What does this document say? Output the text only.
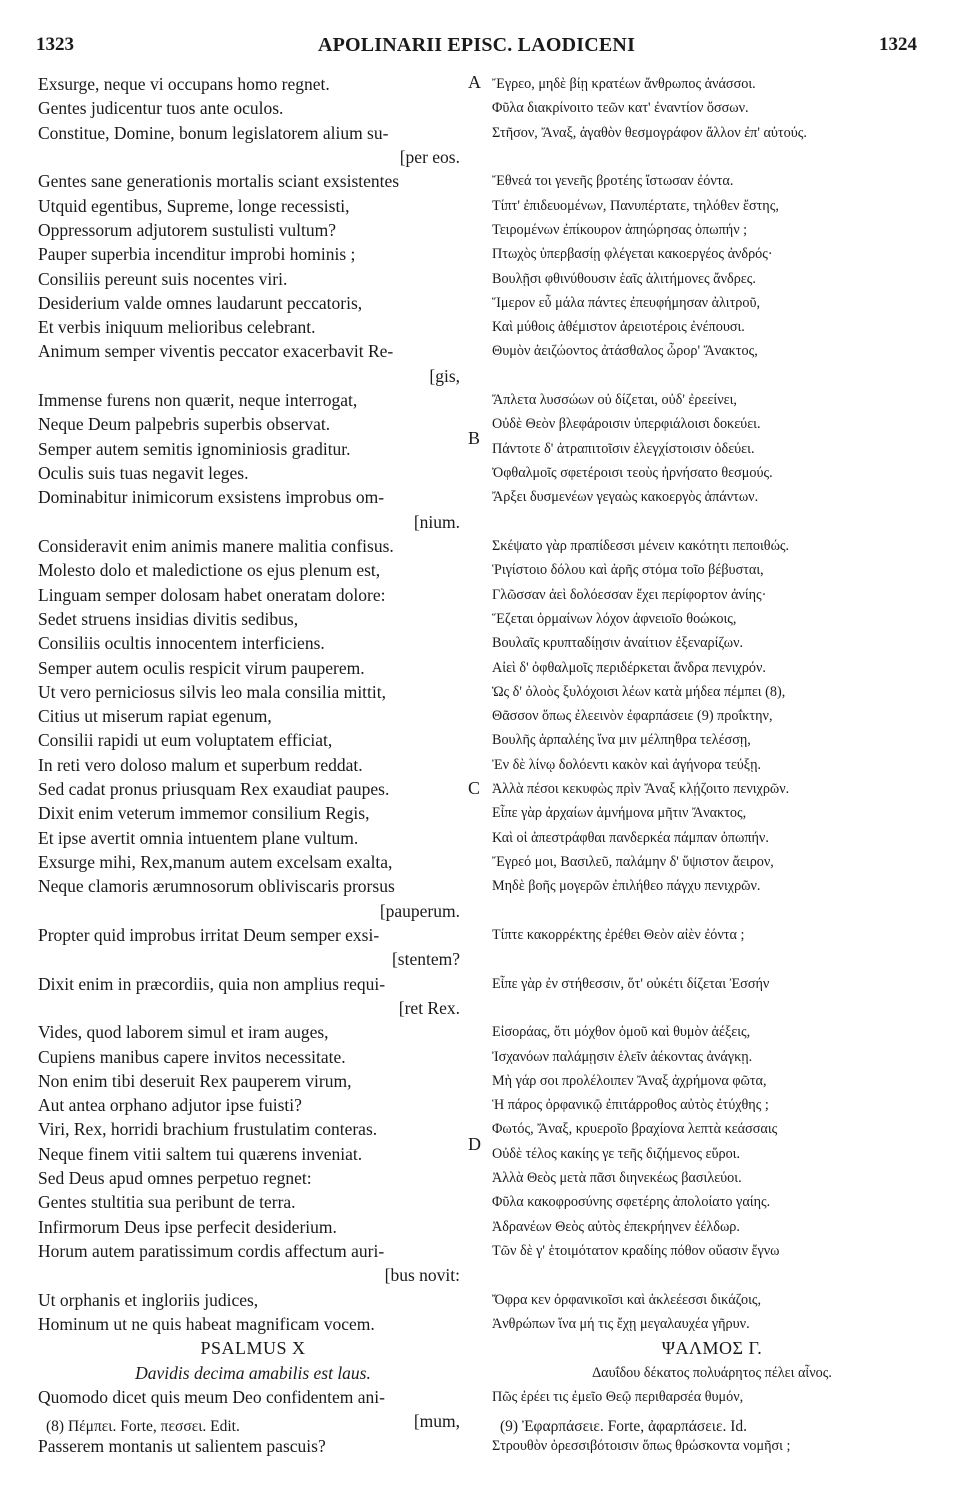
APOLINARII EPISC. LAODICENI
1323	1324
Exsurge, neque vi occupans homo regnet.
Gentes judicentur tuos ante oculos.
Constitue, Domine, bonum legislatorem alium su-
[per eos.
Gentes sane generationis mortalis sciant exsistentes
Utquid egentibus, Supreme, longe recessisti,
Oppressorum adjutorem sustulisti vultum?
Pauper superbia incenditur improbi hominis ;
Consiliis pereunt suis nocentes viri.
Desiderium valde omnes laudarunt peccatoris,
Et verbis iniquum melioribus celebrant.
Animum semper viventis peccator exacerbavit Re-
[gis,
Immense furens non quærit, neque interrogat,
Neque Deum palpebris superbis observat.
Semper autem semitis ignominiosis graditur.
Oculis suis tuas negavit leges.
Dominabitur inimicorum exsistens improbus om-
[nium.
Consideravit enim animis manere malitia confisus.
Molesto dolo et maledictione os ejus plenum est,
Linguam semper dolosam habet oneratam dolore:
Sedet struens insidias divitis sedibus,
Consiliis ocultis innocentem interficiens.
Semper autem oculis respicit virum pauperem.
Ut vero perniciosus silvis leo mala consilia mittit,
Citius ut miserum rapiat egenum,
Consilii rapidi ut eum voluptatem efficiat,
In reti vero doloso malum et superbum reddat.
Sed cadat pronus priusquam Rex exaudiat paupes.
Dixit enim veterum immemor consilium Regis,
Et ipse avertit omnia intuentem plane vultum.
Exsurge mihi, Rex,manum autem excelsam exalta,
Neque clamoris ærumnosorum obliviscaris prorsus
[pauperum.
Propter quid improbus irritat Deum semper exsi-
[stentem?
Dixit enim in præcordiis, quia non amplius requi-
[ret Rex.
Vides, quod laborem simul et iram auges,
Cupiens manibus capere invitos necessitate.
Non enim tibi deseruit Rex pauperem virum,
Aut antea orphano adjutor ipse fuisti?
Viri, Rex, horridi brachium frustulatim conteras.
Neque finem vitii saltem tui quærens inveniat.
Sed Deus apud omnes perpetuo regnet:
Gentes stultitia sua peribunt de terra.
Infirmorum Deus ipse perfecit desiderium.
Horum autem paratissimum cordis affectum auri-
[bus novit:
Ut orphanis et ingloriis judices,
Hominum ut ne quis habeat magnificam vocem.
PSALMUS X
Davidis decima amabilis est laus.
Quomodo dicet quis meum Deo confidentem ani-
[mum,
Passerem montanis ut salientem pascuis?
Ἔγρεο, μηδὲ βίῃ κρατέων ἄνθρωπος ἀνάσσοι.
Φῦλα διακρίνοιτο τεῶν κατ' ἐναντίον ὄσσων.
Στῆσον, Ἄναξ, ἀγαθὸν θεσμογράφον ἄλλον ἐπ' αὐτούς.
Ἔθνεά τοι γενεῆς βροτέης ἴστωσαν ἐόντα.
Τίπτ' ἐπιδευομένων, Πανυπέρτατε, τηλόθεν ἔστης,
Τειρομένων ἐπίκουρον ἀπηώρησας ὀπωπήν ;
Πτωχὸς ὑπερβασίῃ φλέγεται κακοεργέος ἀνδρός·
Βουλῇσι φθινύθουσιν ἑαῖς ἀλιτήμονες ἄνδρες.
Ἵμερον εὖ μάλα πάντες ἐπευφήμησαν ἀλιτροῦ,
Καὶ μύθοις ἀθέμιστον ἀρειοτέροις ἐνέπουσι.
Θυμὸν ἀειζώοντος ἀτάσθαλος ὦρορ' Ἄνακτος,
Ἄπλετα λυσσώων οὐ δίζεται, οὐδ' ἐρεείνει,
Οὐδὲ Θεὸν βλεφάροισιν ὑπερφιάλοισι δοκεύει.
Πάντοτε δ' ἀτραπιτοῖσιν ἐλεγχίστοισιν ὁδεύει.
Ὀφθαλμοῖς σφετέροισι τεοὺς ἠρνήσατο θεσμούς.
Ἄρξει δυσμενέων γεγαὼς κακοεργὸς ἁπάντων.
Σκέψατο γὰρ πραπίδεσσι μένειν κακότητι πεποιθώς.
Ῥιγίστοιο δόλου καὶ ἀρῆς στόμα τοῖο βέβυσται,
Γλῶσσαν ἀεὶ δολόεσσαν ἔχει περίφορτον ἀνίης·
Ἕζεται ὁρμαίνων λόχον ἀφνειοῖο θοώκοις,
Βουλαῖς κρυπταδίῃσιν ἀναίτιον ἐξεναρίζων.
Αἰεὶ δ' ὀφθαλμοῖς περιδέρκεται ἄνδρα πενιχρόν.
Ὡς δ' ὀλοὸς ξυλόχοισι λέων κατὰ μήδεα πέμπει (8),
Θᾶσσον ὅπως ἐλεεινὸν ἐφαρπάσειε (9) προΐκτην,
Βουλῆς ἁρπαλέης ἵνα μιν μέλπηθρα τελέσσῃ,
Ἐν δὲ λίνῳ δολόεντι κακὸν καὶ ἀγήνορα τεύξῃ.
Ἀλλὰ πέσοι κεκυφὼς πρὶν Ἄναξ κλῄζοιτο πενιχρῶν.
Εἶπε γὰρ ἀρχαίων ἀμνήμονα μῆτιν Ἄνακτος,
Καὶ οἱ ἀπεστράφθαι πανδερκέα πάμπαν ὀπωπήν.
Ἔγρεό μοι, Βασιλεῦ, παλάμην δ' ὕψιστον ἄειρον,
Μηδὲ βοῆς μογερῶν ἐπιλήθεο πάγχυ πενιχρῶν.
Τίπτε κακορρέκτης ἐρέθει Θεὸν αἰὲν ἐόντα ;
Εἶπε γὰρ ἐν στήθεσσιν, ὅτ' οὐκέτι δίζεται Ἐσσήν
Εἰσοράας, ὅτι μόχθον ὁμοῦ καὶ θυμὸν ἀέξεις,
Ἰσχανόων παλάμῃσιν ἑλεῖν ἀέκοντας ἀνάγκῃ.
Μὴ γάρ σοι προλέλοιπεν Ἄναξ ἀχρήμονα φῶτα,
Ἡ πάρος ὀρφανικῷ ἐπιτάρροθος αὐτὸς ἐτύχθης ;
Φωτός, Ἄναξ, κρυεροῖο βραχίονα λεπτὰ κεάσσαις
Οὐδὲ τέλος κακίης γε τεῆς διζήμενος εὕροι.
Ἀλλὰ Θεὸς μετὰ πᾶσι διηνεκέως βασιλεύοι.
Φῦλα κακοφροσύνης σφετέρης ἀπολοίατο γαίης.
Ἀδρανέων Θεὸς αὐτὸς ἐπεκρήηνεν ἐέλδωρ.
Τῶν δὲ γ' ἑτοιμότατον κραδίης πόθον οὔασιν ἔγνω
Ὄφρα κεν ὀρφανικοῖσι καὶ ἀκλεέεσσι δικάζοις,
Ἀνθρώπων ἵνα μή τις ἔχῃ μεγαλαυχέα γῆρυν.
ΨΑΛΜΟΣ Γ.
Δαυΐδου δέκατος πολυάρητος πέλει αἶνος.
Πῶς ἐρέει τις ἐμεῖο Θεῷ περιθαρσέα θυμόν,
Στρουθὸν ὀρεσσιβότοισιν ὅπως θρώσκοντα νομῆσι ;
A
B
C
D
(8) Πέμπει. Forte, πεσσει. Edit.	(9) Ἐφαρπάσειε. Forte, ἀφαρπάσειε. Id.
